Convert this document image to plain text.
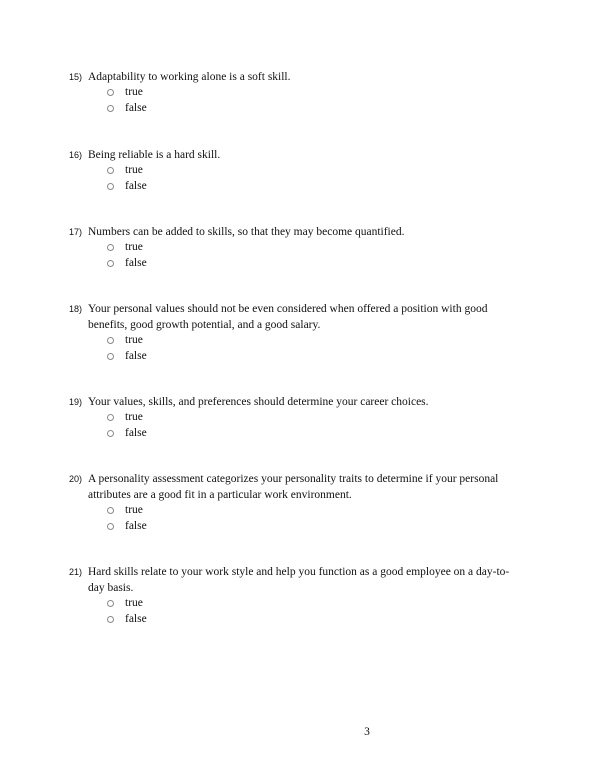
15) Adaptability to working alone is a soft skill.
true
false
16) Being reliable is a hard skill.
true
false
17) Numbers can be added to skills, so that they may become quantified.
true
false
18) Your personal values should not be even considered when offered a position with good
benefits, good growth potential, and a good salary.
true
false
19) Your values, skills, and preferences should determine your career choices.
true
false
20) A personality assessment categorizes your personality traits to determine if your personal
attributes are a good fit in a particular work environment.
true
false
21) Hard skills relate to your work style and help you function as a good employee on a day-to-
day basis.
true
false
3
